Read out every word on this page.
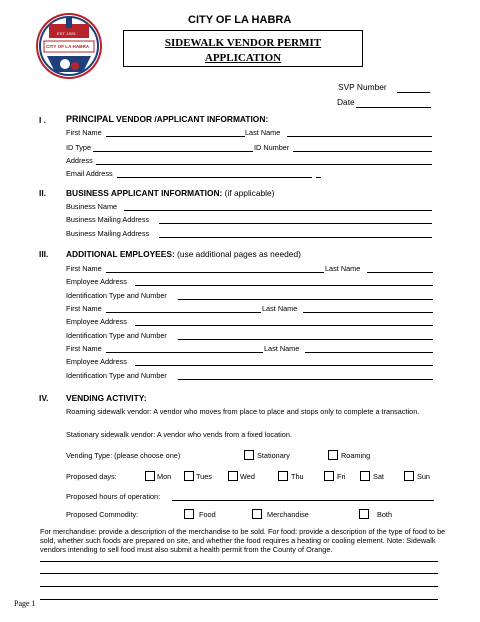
EST. 1925
CITY OF LA HABRA
CITY OF LA HABRA
SIDEWALK VENDOR PERMIT
APPLICATION
SVP Number
Date
I . PRINCIPAL VENDOR /APPLICANT INFORMATION:
First Name	Last Name
ID Type	ID Number
Address
Email Address
II. BUSINESS APPLICANT INFORMATION: (if applicable)
Business Name
Business Mailing Address
Business Mailing Address
III. ADDITIONAL EMPLOYEES: (use additional pages as needed)
First Name	Last Name
Employee Address
Identification Type and Number
First Name	Last Name
Employee Address
Identification Type and Number
First Name	Last Name
Employee Address
Identification Type and Number
IV. VENDING ACTIVITY:
Roaming sidewalk vendor: A vendor who moves from place to place and stops only to complete a transaction.
Stationary sidewalk vendor: A vendor who vends from a fixed location.
Vending Type: (please choose one)	Stationary	Roaming
Proposed days:	Mon	Tues	Wed	Thu	Fri	Sat	Sun
Proposed hours of operation:
Proposed Commodity:	Food	Merchandise	Both
For merchandise: provide a description of the merchandise to be sold. For food: provide a description of the type of food to be sold, whether such foods are prepared on site, and whether the food requires a heating or cooling element. Note: Sidewalk vendors intending to sell food must also submit a health permit from the County of Orange.
Page 1
